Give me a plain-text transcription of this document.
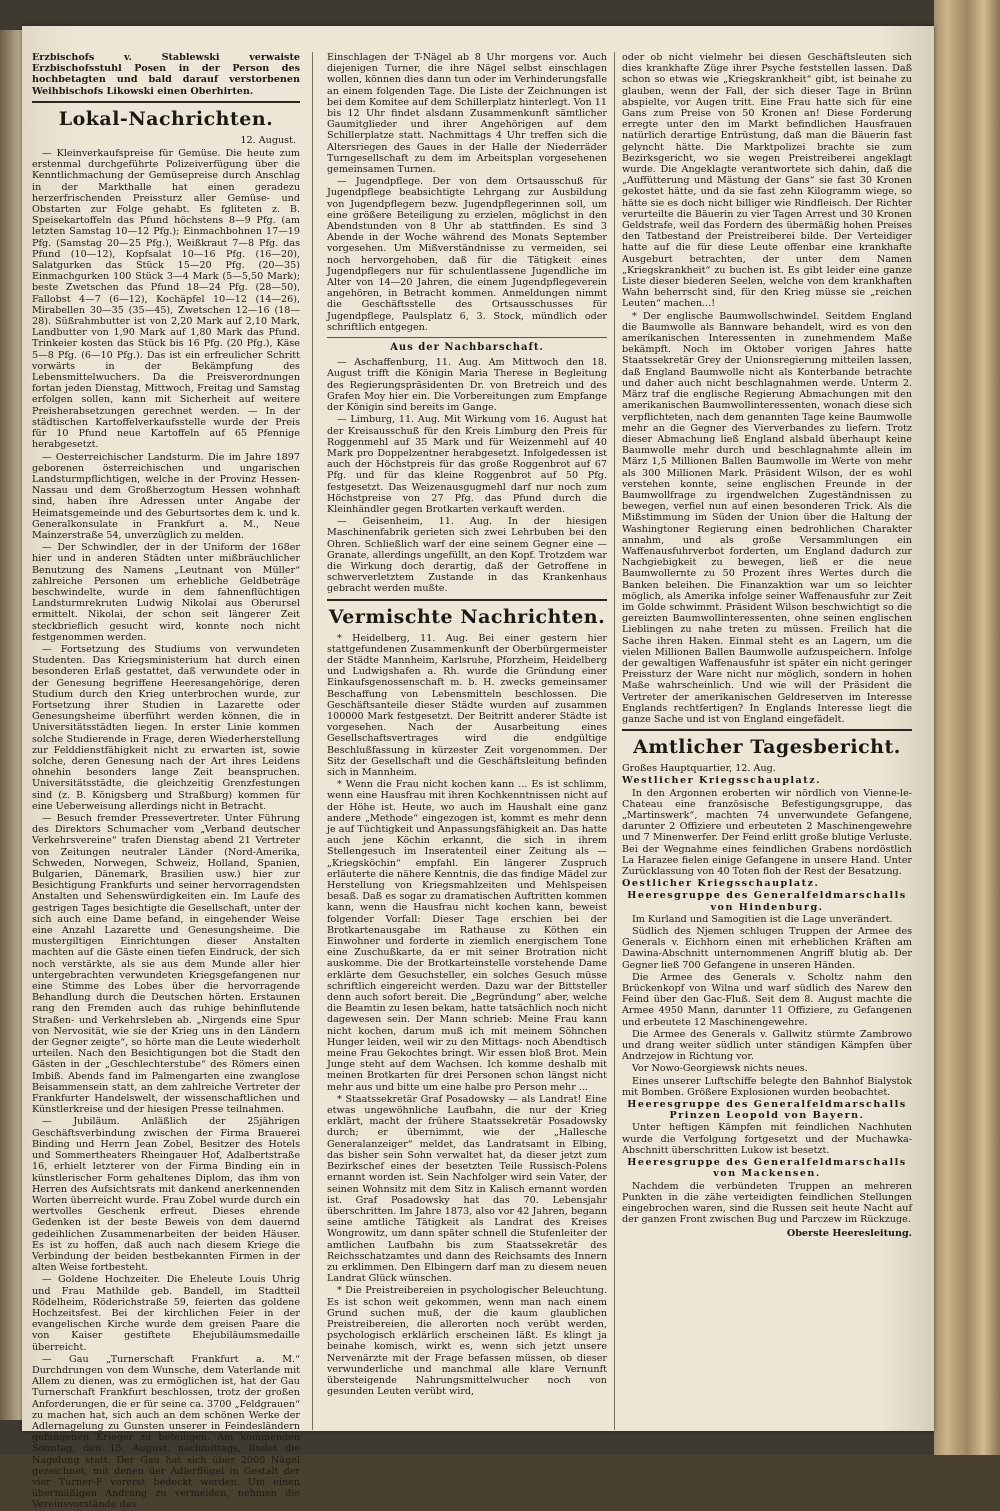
Erzbischofs v. Stablewski verwaiste Erzbischofsstuhl Posen in der Person des hochbetagten und bald darauf verstorbenen Weihbischofs Likowski einen Oberhirten.

Lokal-Nachrichten.
12. August.

— Kleinverkaufspreise für Gemüse. Die heute zum erstenmal durchgeführte Polizeiverfügung über die Kenntlichmachung der Gemüsepreise durch Anschlag in der Markthalle hat einen geradezu herzerfrischenden Preissturz aller Gemüse- und Obstarten zur Folge gehabt. Es fgliteten z. B. Speisekartoffeln das Pfund höchstens 8—9 Pfg. (am letzten Samstag 10—12 Pfg.); Einmachbohnen 17—19 Pfg. (Samstag 20—25 Pfg.), Weißkraut 7—8 Pfg. das Pfund (10—12), Kopfsalat 10—16 Pfg. (16—20), Salatgurken das Stück 15—20 Pfg. (20—35) Einmachgurken 100 Stück 3—4 Mark (5—5,50 Mark); beste Zwetschen das Pfund 18—24 Pfg. (28—50), Fallobst 4—7 (6—12), Kochäpfel 10—12 (14—26), Mirabellen 30—35 (35—45), Zwetschen 12—16 (18—28). Süßrahmbutter ist von 2,20 Mark auf 2,10 Mark, Landbutter von 1,90 Mark auf 1,80 Mark das Pfund. Trinkeier kosten das Stück bis 16 Pfg. (20 Pfg.), Käse 5—8 Pfg. (6—10 Pfg.). Das ist ein erfreulicher Schritt vorwärts in der Bekämpfung des Lebensmittelwuchers. Da die Preisverordnungen fortan jeden Dienstag, Mittwoch, Freitag und Samstag erfolgen sollen, kann mit Sicherheit auf weitere Preisherabsetzungen gerechnet werden. — In der städtischen Kartoffelverkaufsstelle wurde der Preis für 10 Pfund neue Kartoffeln auf 65 Pfennige herabgesetzt.

— Oesterreichischer Landsturm. Die im Jahre 1897 geborenen österreichischen und ungarischen Landsturmpflichtigen, welche in der Provinz Hessen-Nassau und dem Großherzogtum Hessen wohnhaft sind, haben ihre Adressen unter Angabe der Heimatsgemeinde und des Geburtsortes dem k. und k. Generalkonsulate in Frankfurt a. M., Neue Mainzerstraße 54, unverzüglich zu melden.

— Der Schwindler, der in der Uniform der 168er hier und in anderen Städten unter mißbräuchlicher Benutzung des Namens „Leutnant von Müller“ zahlreiche Personen um erhebliche Geldbeträge beschwindelte, wurde in dem fahnenflüchtigen Landsturmrekruten Ludwig Nikolai aus Oberursel ermittelt. Nikolai, der schon seit längerer Zeit steckbrieflich gesucht wird, konnte noch nicht festgenommen werden.

— Fortsetzung des Studiums von verwundeten Studenten. Das Kriegsministerium hat durch einen besonderen Erlaß gestattet, daß verwundete oder in der Genesung begriffene Heeresangehörige, deren Studium durch den Krieg unterbrochen wurde, zur Fortsetzung ihrer Studien in Lazarette oder Genesungsheime überführt werden können, die in Universitätsstädten liegen. In erster Linie kommen solche Studierende in Frage, deren Wiederherstellung zur Felddienstfähigkeit nicht zu erwarten ist, sowie solche, deren Genesung nach der Art ihres Leidens ohnehin besonders lange Zeit beanspruchen. Universitätsstädte, die gleichzeitig Grenzfestungen sind (z. B. Königsberg und Straßburg) kommen für eine Ueberweisung allerdings nicht in Betracht.

— Besuch fremder Pressevertreter. Unter Führung des Direktors Schumacher vom „Verband deutscher Verkehrsvereine“ trafen Dienstag abend 21 Vertreter von Zeitungen neutraler Länder (Nord-Amerika, Schweden, Norwegen, Schweiz, Holland, Spanien, Bulgarien, Dänemark, Brasilien usw.) hier zur Besichtigung Frankfurts und seiner hervorragendsten Anstalten und Sehenswürdigkeiten ein. Im Laufe des gestrigen Tages besichtigte die Gesellschaft, unter der sich auch eine Dame befand, in eingehender Weise eine Anzahl Lazarette und Genesungsheime. Die mustergiltigen Einrichtungen dieser Anstalten machten auf die Gäste einen tiefen Eindruck, der sich noch verstärkte, als sie aus dem Munde aller hier untergebrachten verwundeten Kriegsgefangenen nur eine Stimme des Lobes über die hervorragende Behandlung durch die Deutschen hörten. Erstaunen rang den Fremden auch das ruhige behinflutende Straßen- und Verkehrsleben ab. „Nirgends eine Spur von Nervosität, wie sie der Krieg uns in den Ländern der Gegner zeigte“, so hörte man die Leute wiederholt urteilen. Nach den Besichtigungen bot die Stadt den Gästen in der „Geschlechterstube“ des Römers einen Imbiß. Abends fand im Palmengarten eine zwanglose Beisammensein statt, an dem zahlreiche Vertreter der Frankfurter Handelswelt, der wissenschaftlichen und Künstlerkreise und der hiesigen Presse teilnahmen.

— Jubiläum. Anläßlich der 25jährigen Geschäftsverbindung zwischen der Firma Brauerei Binding und Herrn Jean Zobel, Besitzer des Hotels und Sommertheaters Rheingauer Hof, Adalbertstraße 16, erhielt letzterer von der Firma Binding ein in künstlerischer Form gehaltenes Diplom, das ihm von Herren des Aufsichtsrats mit dankend anerkennenden Worten überreicht wurde. Frau Zobel wurde durch ein wertvolles Geschenk erfreut. Dieses ehrende Gedenken ist der beste Beweis von dem dauernd gedeihlichen Zusammenarbeiten der beiden Häuser. Es ist zu hoffen, daß auch nach diesem Kriege die Verbindung der beiden bestbekannten Firmen in der alten Weise fortbesteht.

— Goldene Hochzeiter. Die Eheleute Louis Uhrig und Frau Mathilde geb. Bandell, im Stadtteil Rödelheim, Röderichstraße 59, feierten das goldene Hochzeitsfest. Bei der kirchlichen Feier in der evangelischen Kirche wurde dem greisen Paare die von Kaiser gestiftete Ehejubiläumsmedaille überreicht.

— Gau „Turnerschaft Frankfurt a. M.“ Durchdrungen von dem Wunsche, dem Vaterlande mit Allem zu dienen, was zu ermöglichen ist, hat der Gau Turnerschaft Frankfurt beschlossen, trotz der großen Anforderungen, die er für seine ca. 3700 „Feldgrauen“ zu machen hat, sich auch an dem schönen Werke der Adlernagelung zu Gunsten unserer in Feindesländern gefangenen Krieger zu beteiligen. Am kommenden Sonntag, den 15. August, nachmittags, findet die Nagelung statt. Der Gau hat sich über 2000 Nägel gezeichnet, mit denen der Adlerflügel in Gestalt der vier Turner-F vorerst bedeckt werden. Um einen übermäßigen Andrang zu vermeiden, nehmen die Vereinsvorstände das

Einschlagen der T-Nägel ab 8 Uhr morgens vor. Auch diejenigen Turner, die ihre Nägel selbst einschlagen wollen, können dies dann tun oder im Verhinderungsfalle an einem folgenden Tage. Die Liste der Zeichnungen ist bei dem Komitee auf dem Schillerplatz hinterlegt. Von 11 bis 12 Uhr findet alsdann Zusammenkunft sämtlicher Gaumitglieder und ihrer Angehörigen auf dem Schillerplatze statt. Nachmittags 4 Uhr treffen sich die Altersriegen des Gaues in der Halle der Niederräder Turngesellschaft zu dem im Arbeitsplan vorgesehenen gemeinsamen Turnen.

— Jugendpflege. Der von dem Ortsausschuß für Jugendpflege beabsichtigte Lehrgang zur Ausbildung von Jugendpflegern bezw. Jugendpflegerinnen soll, um eine größere Beteiligung zu erzielen, möglichst in den Abendstunden von 8 Uhr ab stattfinden. Es sind 3 Abende in der Woche während des Monats September vorgesehen. Um Mißverständnisse zu vermeiden, sei noch hervorgehoben, daß für die Tätigkeit eines Jugendpflegers nur für schulentlassene Jugendliche im Alter von 14—20 Jahren, die einem Jugendpflegeverein angehören, in Betracht kommen. Anmeldungen nimmt die Geschäftsstelle des Ortsausschusses für Jugendpflege, Paulsplatz 6, 3. Stock, mündlich oder schriftlich entgegen.

Aus der Nachbarschaft.

— Aschaffenburg, 11. Aug. Am Mittwoch den 18. August trifft die Königin Maria Therese in Begleitung des Regierungspräsidenten Dr. von Bretreich und des Grafen Moy hier ein. Die Vorbereitungen zum Empfange der Königin sind bereits im Gange.

— Limburg, 11. Aug. Mit Wirkung vom 16. August hat der Kreisausschuß für den Kreis Limburg den Preis für Roggenmehl auf 35 Mark und für Weizenmehl auf 40 Mark pro Doppelzentner herabgesetzt. Infolgedessen ist auch der Höchstpreis für das große Roggenbrot auf 67 Pfg. und für das kleine Roggenbrot auf 50 Pfg. festgesetzt. Das Weizenausgugmehl darf nur noch zum Höchstpreise von 27 Pfg. das Pfund durch die Kleinhändler gegen Brotkarten verkauft werden.

— Geisenheim, 11. Aug. In der hiesigen Maschinenfabrik gerieten sich zwei Lehrbuben bei den Ohren. Schließlich warf der eine seinem Gegner eine — Granate, allerdings ungefüllt, an den Kopf. Trotzdem war die Wirkung doch derartig, daß der Getroffene in schwerverletztem Zustande in das Krankenhaus gebracht werden mußte.

Vermischte Nachrichten.

* Heidelberg, 11. Aug. Bei einer gestern hier stattgefundenen Zusammenkunft der Oberbürgermeister der Städte Mannheim, Karlsruhe, Pforzheim, Heidelberg und Ludwigshafen a. Rh. wurde die Gründung einer Einkaufsgenossenschaft m. b. H. zwecks gemeinsamer Beschaffung von Lebensmitteln beschlossen. Die Geschäftsanteile dieser Städte wurden auf zusammen 100000 Mark festgesetzt. Der Beitritt anderer Städte ist vorgesehen. Nach der Ausarbeitung eines Gesellschaftsvertrages wird die endgültige Beschlußfassung in kürzester Zeit vorgenommen. Der Sitz der Gesellschaft und die Geschäftsleitung befinden sich in Mannheim.

* Wenn die Frau nicht kochen kann ... Es ist schlimm, wenn eine Hausfrau mit ihren Kochkenntnissen nicht auf der Höhe ist. Heute, wo auch im Haushalt eine ganz andere „Methode“ eingezogen ist, kommt es mehr denn je auf Tüchtigkeit und Anpassungsfähigkeit an. Das hatte auch jene Köchin erkannt, die sich in ihrem Stellengesuch im Inseratenteil einer Zeitung als — „Kriegsköchin“ empfahl. Ein längerer Zuspruch erläuterte die nähere Kenntnis, die das findige Mädel zur Herstellung von Kriegsmahlzeiten und Mehlspeisen besaß. Daß es sogar zu dramatischen Auftritten kommen kann, wenn die Hausfrau nicht kochen kann, beweist folgender Vorfall: Dieser Tage erschien bei der Brotkartenausgabe im Rathause zu Köthen ein Einwohner und forderte in ziemlich energischem Tone eine Zuschußkarte, da er mit seiner Brotration nicht auskomme. Die der Brotkarteinstelle vorstehende Dame erklärte dem Gesuchsteller, ein solches Gesuch müsse schriftlich eingereicht werden. Dazu war der Bittsteller denn auch sofort bereit. Die „Begründung“ aber, welche die Beamtin zu lesen bekam, hatte tatsächlich noch nicht dagewesen sein. Der Mann schrieb: Meine Frau kann nicht kochen, darum muß ich mit meinem Söhnchen Hunger leiden, weil wir zu den Mittags- noch Abendtisch meine Frau Gekochtes bringt. Wir essen bloß Brot. Mein Junge steht auf dem Wachsen. Ich komme deshalb mit meinen Brotkarten für drei Personen schon längst nicht mehr aus und bitte um eine halbe pro Person mehr ...

* Staatssekretär Graf Posadowsky — als Landrat! Eine etwas ungewöhnliche Laufbahn, die nur der Krieg erklärt, macht der frühere Staatssekretär Posadowsky durch; er übernimmt, wie der „Hallesche Generalanzeiger“ meldet, das Landratsamt in Elbing, das bisher sein Sohn verwaltet hat, da dieser jetzt zum Bezirkschef eines der besetzten Teile Russisch-Polens ernannt worden ist. Sein Nachfolger wird sein Vater, der seinen Wohnsitz mit dem Sitz in Kalisch ernannt worden ist. Graf Posadowsky hat das 70. Lebensjahr überschritten. Im Jahre 1873, also vor 42 Jahren, begann seine amtliche Tätigkeit als Landrat des Kreises Wongrowitz, um dann später schnell die Stufenleiter der amtlichen Laufbahn bis zum Staatssekretär des Reichsschatzamtes und dann des Reichsamts des Innern zu erklimmen. Den Elbingern darf man zu diesem neuen Landrat Glück wünschen.

* Die Preistreibereien in psychologischer Beleuchtung. Es ist schon weit gekommen, wenn man nach einem Grund suchen muß, der die kaum glaublichen Preistreibereien, die allerorten noch verübt werden, psychologisch erklärlich erscheinen läßt. Es klingt ja beinahe komisch, wirkt es, wenn sich jetzt unsere Nervenärzte mit der Frage befassen müssen, ob dieser verwunderliche und manchmal alle klare Vernunft übersteigende Nahrungsmittelwucher noch von gesunden Leuten verübt wird,

oder ob nicht vielmehr bei diesen Geschäftsleuten sich dies krankhafte Züge ihrer Psyche feststellen lassen. Daß schon so etwas wie „Kriegskrankheit“ gibt, ist beinahe zu glauben, wenn der Fall, der sich dieser Tage in Brünn abspielte, vor Augen tritt. Eine Frau hatte sich für eine Gans zum Preise von 50 Kronen an! Diese Forderung erregte unter den im Markt befindlichen Hausfrauen natürlich derartige Entrüstung, daß man die Bäuerin fast gelyncht hätte. Die Marktpolizei brachte sie zum Bezirksgericht, wo sie wegen Preistreiberei angeklagt wurde. Die Angeklagte verantwortete sich dahin, daß die „Auffütterung und Mästung der Gans“ sie fast 30 Kronen gekostet hätte, und da sie fast zehn Kilogramm wiege, so hätte sie es doch nicht billiger wie Rindfleisch. Der Richter verurteilte die Bäuerin zu vier Tagen Arrest und 30 Kronen Geldstrafe, weil das Fordern des übermäßig hohen Preises den Tatbestand der Preistreiberei bilde. Der Verteidiger hatte auf die für diese Leute offenbar eine krankhafte Ausgeburt betrachten, der unter dem Namen „Kriegskrankheit“ zu buchen ist. Es gibt leider eine ganze Liste dieser biederen Seelen, welche von dem krankhaften Wahn beherrscht sind, für den Krieg müsse sie „reichen Leuten“ machen...!

* Der englische Baumwollschwindel. Seitdem England die Baumwolle als Bannware behandelt, wird es von den amerikanischen Interessenten in zunehmendem Maße bekämpft. Noch im Oktober vorigen Jahres hatte Staatssekretär Grey der Unionsregierung mitteilen lassen, daß England Baumwolle nicht als Konterbande betrachte und daher auch nicht beschlagnahmen werde. Unterm 2. März traf die englische Regierung Abmachungen mit den amerikanischen Baumwollinteressenten, wonach diese sich verpflichteten, nach dem genannten Tage keine Baumwolle mehr an die Gegner des Vierverbandes zu liefern. Trotz dieser Abmachung ließ England alsbald überhaupt keine Baumwolle mehr durch und beschlagnahmte allein im März 1,5 Millionen Ballen Baumwolle im Werte von mehr als 300 Millionen Mark. Präsident Wilson, der es wohl verstehen konnte, seine englischen Freunde in der Baumwollfrage zu irgendwelchen Zugeständnissen zu bewegen, verfiel nun auf einen besonderen Trick. Als die Mißstimmung im Süden der Union über die Haltung der Washingtoner Regierung einen bedrohlichen Charakter annahm, und als große Versammlungen ein Waffenausfuhrverbot forderten, um England dadurch zur Nachgiebigkeit zu bewegen, ließ er die neue Baumwollernte zu 50 Prozent ihres Wertes durch die Banken beleihen. Die Finanzaktion war um so leichter möglich, als Amerika infolge seiner Waffenausfuhr zur Zeit im Golde schwimmt. Präsident Wilson beschwichtigt so die gereizten Baumwollinteressenten, ohne seinen englischen Lieblingen zu nahe treten zu müssen. Freilich hat die Sache ihren Haken. Einmal steht es an Lagern, um die vielen Millionen Ballen Baumwolle aufzuspeichern. Infolge der gewaltigen Waffenausfuhr ist später ein nicht geringer Preissturz der Ware nicht nur möglich, sondern in hohen Maße wahrscheinlich. Und wie will der Präsident die Vertreter der amerikanischen Geldreserven im Interesse Englands rechtfertigen? In Englands Interesse liegt die ganze Sache und ist von England eingefädelt.

Amtlicher Tagesbericht.

Großes Hauptquartier, 12. Aug.

Westlicher Kriegsschauplatz.

In den Argonnen eroberten wir nördlich von Vienne-le-Chateau eine französische Befestigungsgruppe, das „Martinswerk“, machten 74 unverwundete Gefangene, darunter 2 Offiziere und erbeuteten 2 Maschinengewehre und 7 Minenwerfer. Der Feind erlitt große blutige Verluste. Bei der Wegnahme eines feindlichen Grabens nordöstlich La Harazee fielen einige Gefangene in unsere Hand. Unter Zurücklassung von 40 Toten floh der Rest der Besatzung.

Oestlicher Kriegsschauplatz.

Heeresgruppe des Generalfeldmarschalls von Hindenburg.

Im Kurland und Samogitien ist die Lage unverändert.

Südlich des Njemen schlugen Truppen der Armee des Generals v. Eichhorn einen mit erheblichen Kräften am Dawina-Abschnitt unternommenen Angriff blutig ab. Der Gegner ließ 700 Gefangene in unseren Händen.

Die Armee des Generals v. Scholtz nahm den Brückenkopf von Wilna und warf südlich des Narew den Feind über den Gac-Fluß. Seit dem 8. August machte die Armee 4950 Mann, darunter 11 Offiziere, zu Gefangenen und erbeutete 12 Maschinengewehre.

Die Armee des Generals v. Gallwitz stürmte Zambrowo und drang weiter südlich unter ständigen Kämpfen über Andrzejow in Richtung vor.

Vor Nowo-Georgiewsk nichts neues.

Eines unserer Luftschiffe belegte den Bahnhof Bialystok mit Bomben. Größere Explosionen wurden beobachtet.

Heeresgruppe des Generalfeldmarschalls Prinzen Leopold von Bayern.

Unter heftigen Kämpfen mit feindlichen Nachhuten wurde die Verfolgung fortgesetzt und der Muchawka-Abschnitt überschritten Lukow ist besetzt.

Heeresgruppe des Generalfeldmarschalls von Mackensen.

Nachdem die verbündeten Truppen an mehreren Punkten in die zähe verteidigten feindlichen Stellungen eingebrochen waren, sind die Russen seit heute Nacht auf der ganzen Front zwischen Bug und Parczew im Rückzuge.

Oberste Heeresleitung.
